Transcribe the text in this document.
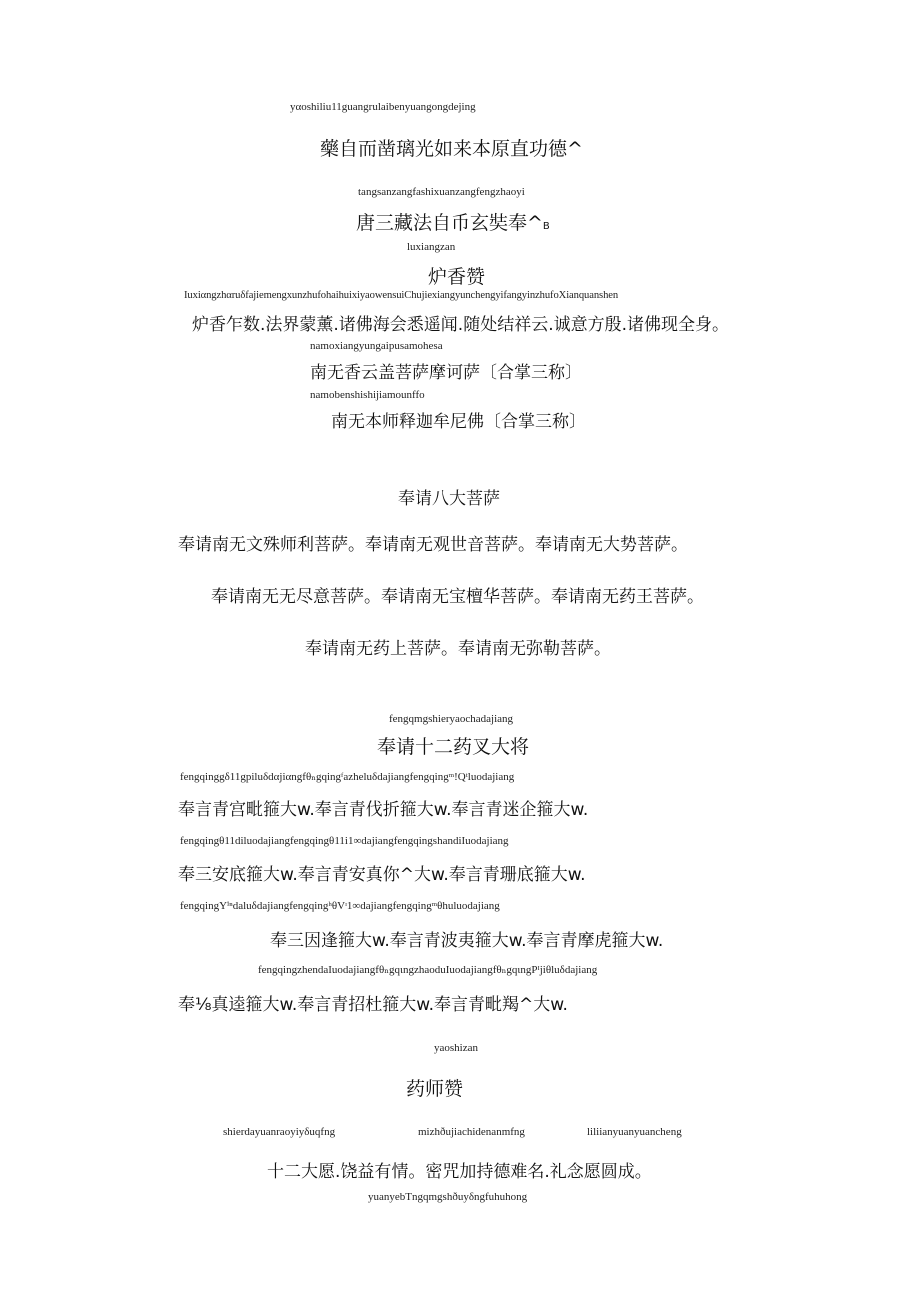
yαoshiliu11guangrulaibenyuangongdejing
藥自而凿璃光如来本原直功德^
tangsanzangfashixuanzangfengzhaoyi
唐三藏法自币玄奘奉^B
luxiangzan
炉香赞
IuxiαngzhαruδfajiemengxunzhufohaihuixiyaowensuiChujiexiangyunchengyifangyinzhufoXianquanshen
炉香乍数.法界蒙薰.诸佛海会悉遥闻.随处结祥云.诚意方殷.诸佛现全身。
namoxiangyungaipusamohesa
南无香云盖菩萨摩诃萨〔合掌三称〕
namobenshishijiamounffo
南无本师释迦牟尼佛〔合掌三称〕
奉请八大菩萨
奉请南无文殊师利菩萨。奉请南无观世音菩萨。奉请南无大势菩萨。
奉请南无无尽意菩萨。奉请南无宝檀华菩萨。奉请南无药王菩萨。
奉请南无药上菩萨。奉请南无弥勒菩萨。
fengqmgshieryaochadajiang
奉请十二药叉大将
fengqinggδ11gpiluδdαjiαngfθₙgqingᶠazheluδdajiangfengqingᵐ!Qᵗluodajiang
奉言青宫毗箍大w.奉言青伐折箍大w.奉言青迷企箍大w.
fengqingθ11diluodajiangfengqingθ11i1∞dajiangfengqingshandiIuodajiang
奉三安底箍大w.奉言青安真你^大w.奉言青珊底箍大w.
fengqingYⁱⁿdaluδdajiangfengqingʰθVᶦ1∞dajiangfengqingᵐθhuluodajiang
奉三因逢箍大w.奉言青波夷箍大w.奉言青摩虎箍大w.
fengqingzhendaIuodajiangfθₙgqιngzhaoduIuodajiangfθₙgqιngPᴵjiθluδdajiang
奉⅛真逵箍大w.奉言青招杜箍大w.奉言青毗羯^大w.
yaoshizan
药师赞
shierdayuanraoyiyδuqfng	mizhðujiachidenanmfng	liliianyuanyuancheng
十二大愿.饶益有情。密咒加持德难名.礼念愿圆成。
yuanyebTngqmgshðuyδngfuhuhong
